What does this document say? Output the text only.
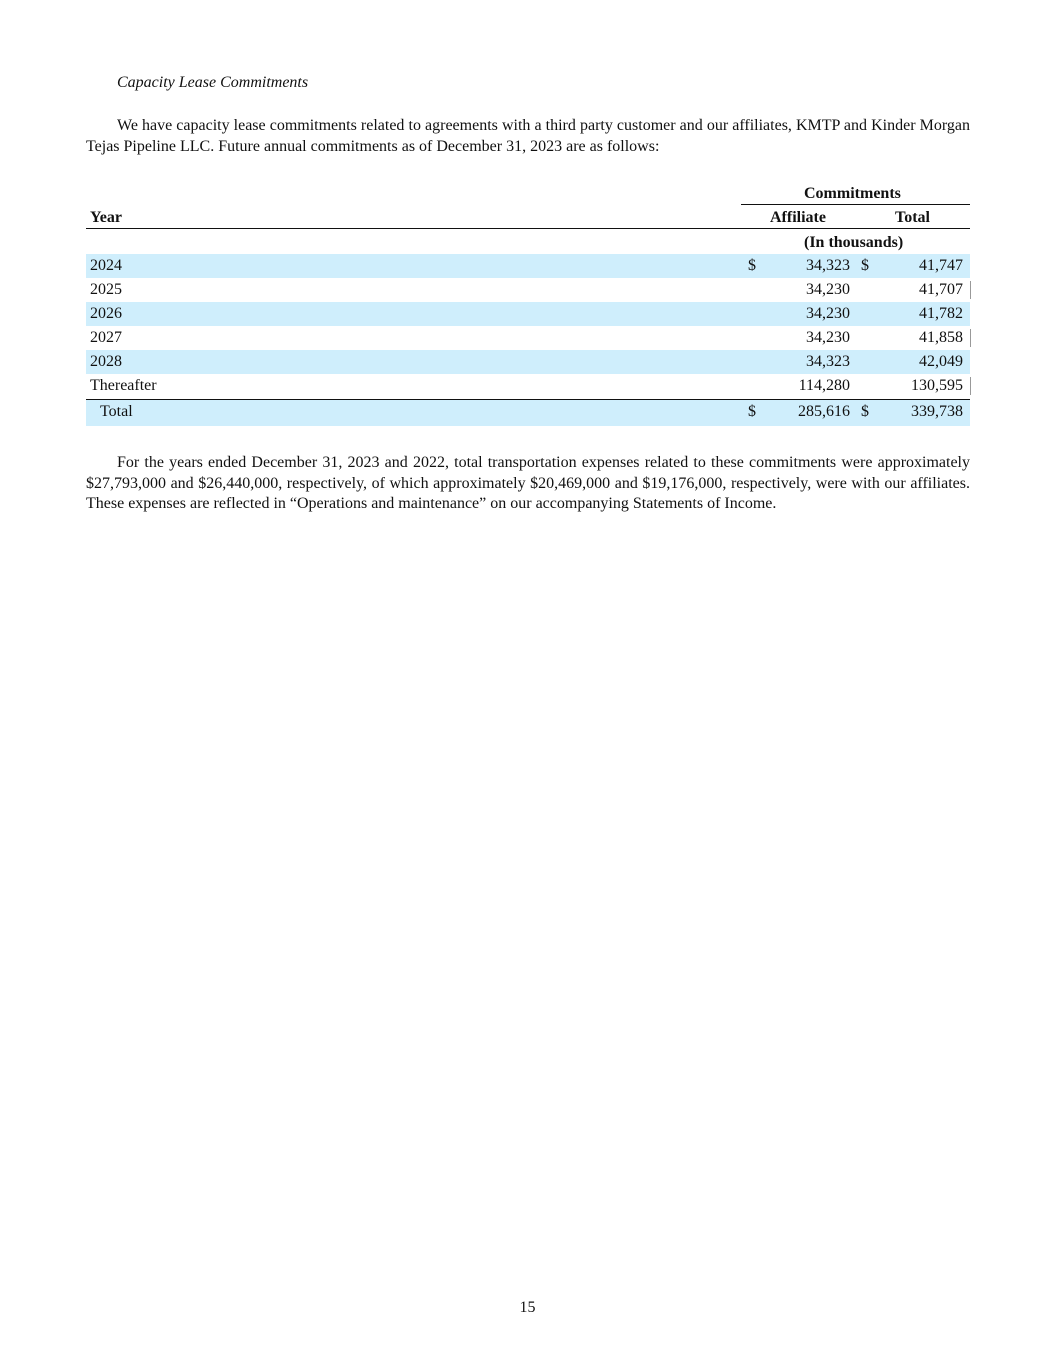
Capacity Lease Commitments

We have capacity lease commitments related to agreements with a third party customer and our affiliates, KMTP and Kinder Morgan Tejas Pipeline LLC. Future annual commitments as of December 31, 2023 are as follows:

Commitments
Year	Affiliate	Total
(In thousands)
2024	$	34,323 $	41,747
2025	34,230	41,707
2026	34,230	41,782
2027	34,230	41,858
2028	34,323	42,049
Thereafter	114,280	130,595
Total	$	285,616 $	339,738

For the years ended December 31, 2023 and 2022, total transportation expenses related to these commitments were approximately $27,793,000 and $26,440,000, respectively, of which approximately $20,469,000 and $19,176,000, respectively, were with our affiliates. These expenses are reflected in “Operations and maintenance” on our accompanying Statements of Income.

15
